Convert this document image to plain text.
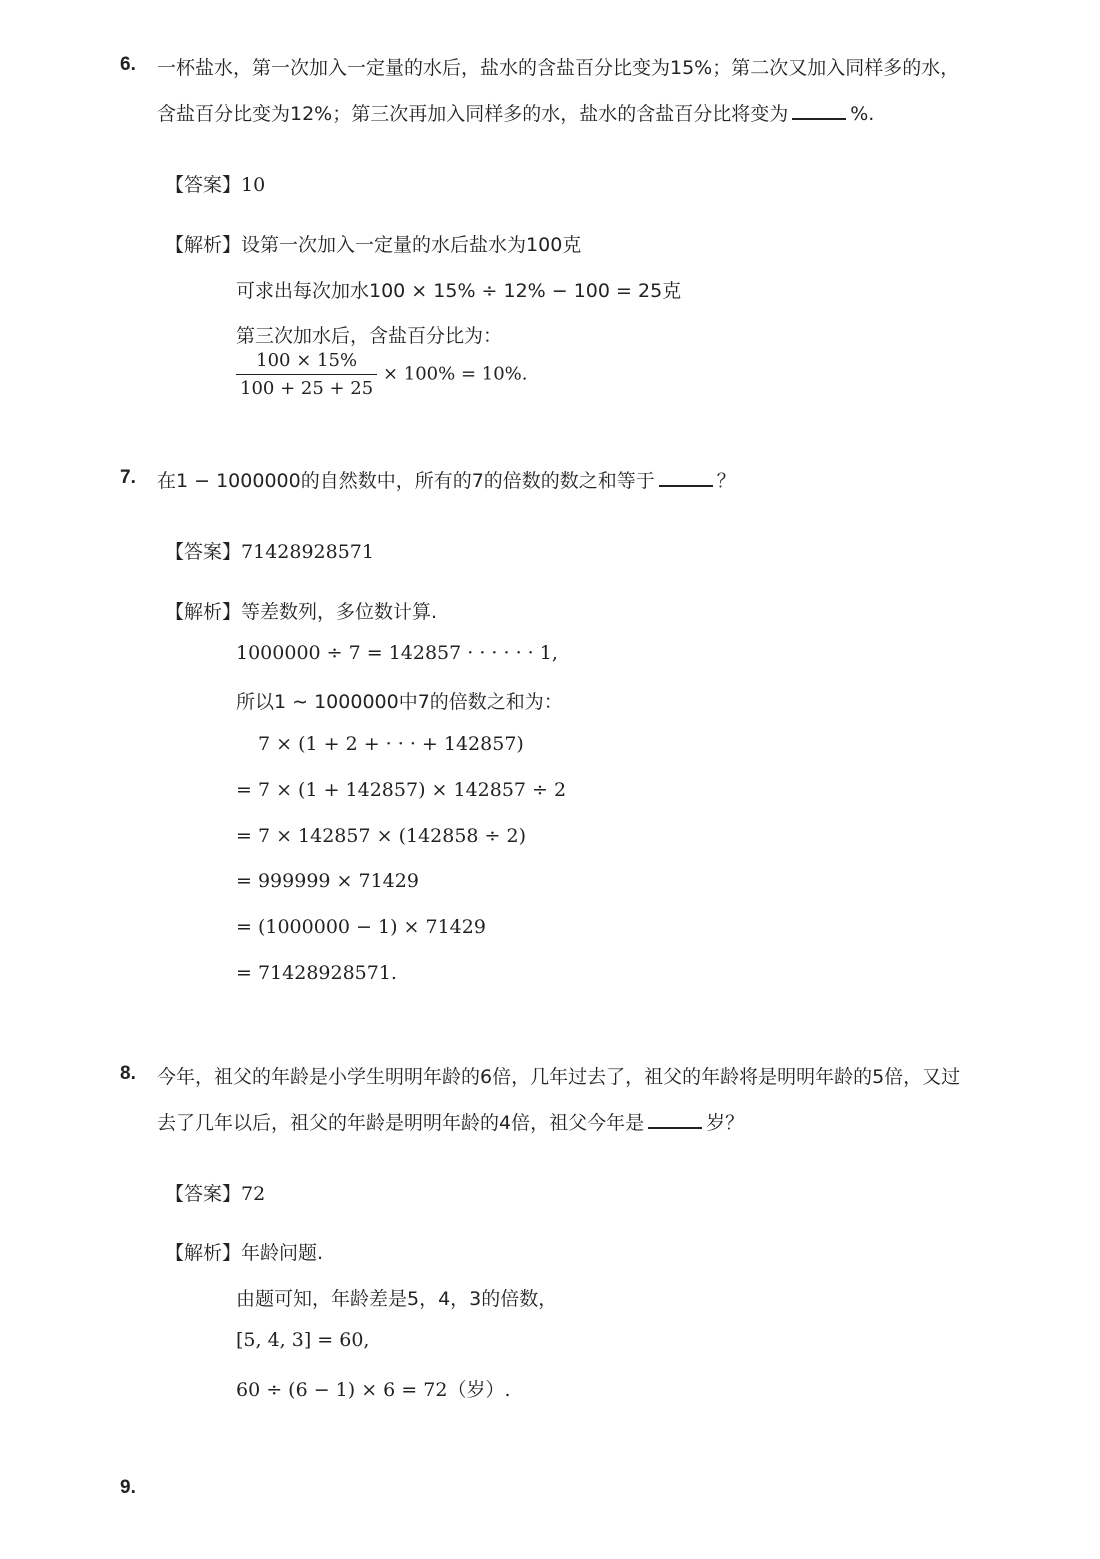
6. 一杯盐水，第一次加入一定量的水后，盐水的含盐百分比变为15%；第二次又加入同样多的水，
含盐百分比变为12%；第三次再加入同样多的水，盐水的含盐百分比将变为	%.
【答案】10
【解析】设第一次加入一定量的水后盐水为100克
可求出每次加水100 × 15% ÷ 12% − 100 = 25克
第三次加水后，含盐百分比为：
$\frac{100 \times 15\%}{100 + 25 + 25} \times 100\% = 10\%$.
7. 在1 − 1000000的自然数中，所有的7的倍数的数之和等于	？
【答案】71428928571
【解析】等差数列，多位数计算.
1000000 ÷ 7 = 142857 · · · · · · 1,
所以1 ∼ 1000000中7的倍数之和为：
7 × (1 + 2 + · · · + 142857)
= 7 × (1 + 142857) × 142857 ÷ 2
= 7 × 142857 × (142858 ÷ 2)
= 999999 × 71429
= (1000000 − 1) × 71429
= 71428928571.
8. 今年，祖父的年龄是小学生明明年龄的6倍，几年过去了，祖父的年龄将是明明年龄的5倍，又过
去了几年以后，祖父的年龄是明明年龄的4倍，祖父今年是	岁？
【答案】72
【解析】年龄问题.
由题可知，年龄差是5，4，3的倍数，
[5, 4, 3] = 60,
60 ÷ (6 − 1) × 6 = 72（岁）.
9.
